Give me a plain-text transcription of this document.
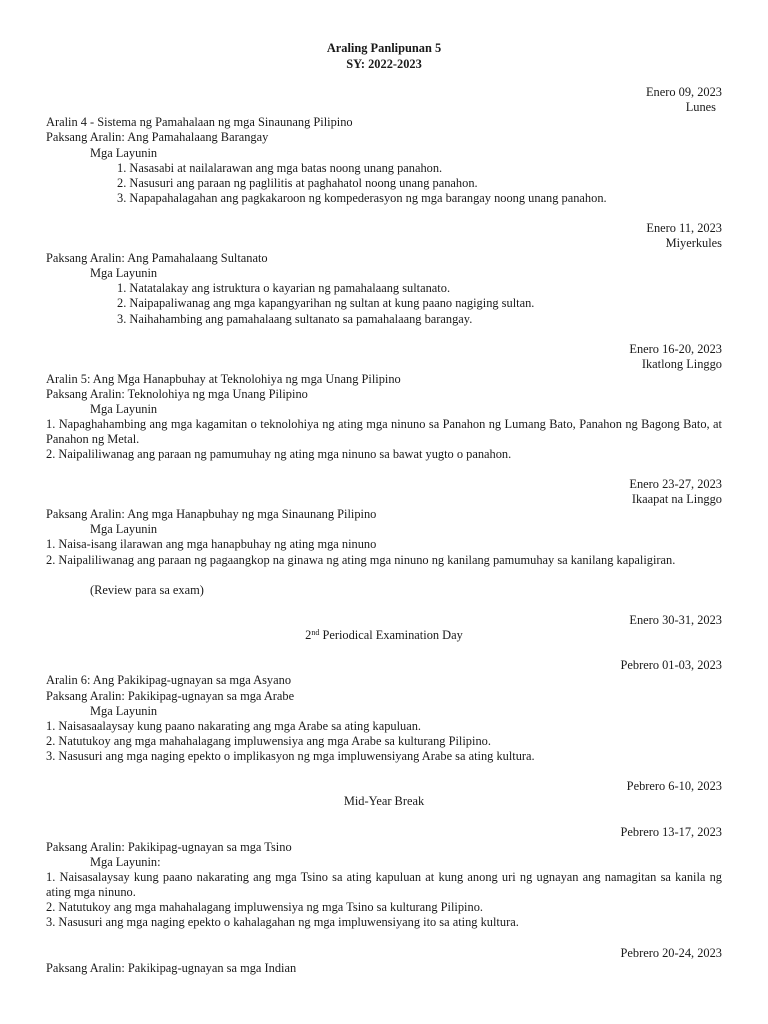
Araling Panlipunan 5
SY: 2022-2023
Enero 09, 2023
Lunes
Aralin 4 - Sistema ng Pamahalaan ng mga Sinaunang Pilipino
Paksang Aralin: Ang Pamahalaang Barangay
Mga Layunin
1. Nasasabi at nailalarawan ang mga batas noong unang panahon.
2. Nasusuri ang paraan ng paglilitis at paghahatol noong unang panahon.
3. Napapahalagahan ang pagkakaroon ng kompederasyon ng mga barangay noong unang panahon.
Enero 11, 2023
Miyerkules
Paksang Aralin: Ang Pamahalaang Sultanato
Mga Layunin
1. Natatalakay ang istruktura o kayarian ng pamahalaang sultanato.
2. Naipapaliwanag ang mga kapangyarihan ng sultan at kung paano nagiging sultan.
3. Naihahambing ang pamahalaang sultanato sa pamahalaang barangay.
Enero 16-20, 2023
Ikatlong Linggo
Aralin 5: Ang Mga Hanapbuhay at Teknolohiya ng mga Unang Pilipino
Paksang Aralin: Teknolohiya ng mga Unang Pilipino
Mga Layunin
1. Napaghahambing ang mga kagamitan o teknolohiya ng ating mga ninuno sa Panahon ng Lumang Bato, Panahon ng Bagong Bato, at Panahon ng Metal.
2. Naipaliliwanag ang paraan ng pamumuhay ng ating mga ninuno sa bawat yugto o panahon.
Enero 23-27, 2023
Ikaapat na Linggo
Paksang Aralin: Ang mga Hanapbuhay ng mga Sinaunang Pilipino
Mga Layunin
1. Naisa-isang ilarawan ang mga hanapbuhay ng ating mga ninuno
2. Naipaliliwanag ang paraan ng pagaangkop na ginawa ng ating mga ninuno ng kanilang pamumuhay sa kanilang kapaligiran.
(Review para sa exam)
Enero 30-31, 2023
2nd Periodical Examination Day
Pebrero 01-03, 2023
Aralin 6: Ang Pakikipag-ugnayan sa mga Asyano
Paksang Aralin: Pakikipag-ugnayan sa mga Arabe
Mga Layunin
1. Naisasaalaysay kung paano nakarating ang mga Arabe sa ating kapuluan.
2. Natutukoy ang mga mahahalagang impluwensiya ang mga Arabe sa kulturang Pilipino.
3. Nasusuri ang mga naging epekto o implikasyon ng mga impluwensiyang Arabe sa ating kultura.
Pebrero 6-10, 2023
Mid-Year Break
Pebrero 13-17, 2023
Paksang Aralin: Pakikipag-ugnayan sa mga Tsino
Mga Layunin:
1. Naisasalaysay kung paano nakarating ang mga Tsino sa ating kapuluan at kung anong uri ng ugnayan ang namagitan sa kanila ng ating mga ninuno.
2. Natutukoy ang mga mahahalagang impluwensiya ng mga Tsino sa kulturang Pilipino.
3. Nasusuri ang mga naging epekto o kahalagahan ng mga impluwensiyang ito sa ating kultura.
Pebrero 20-24, 2023
Paksang Aralin: Pakikipag-ugnayan sa mga Indian
